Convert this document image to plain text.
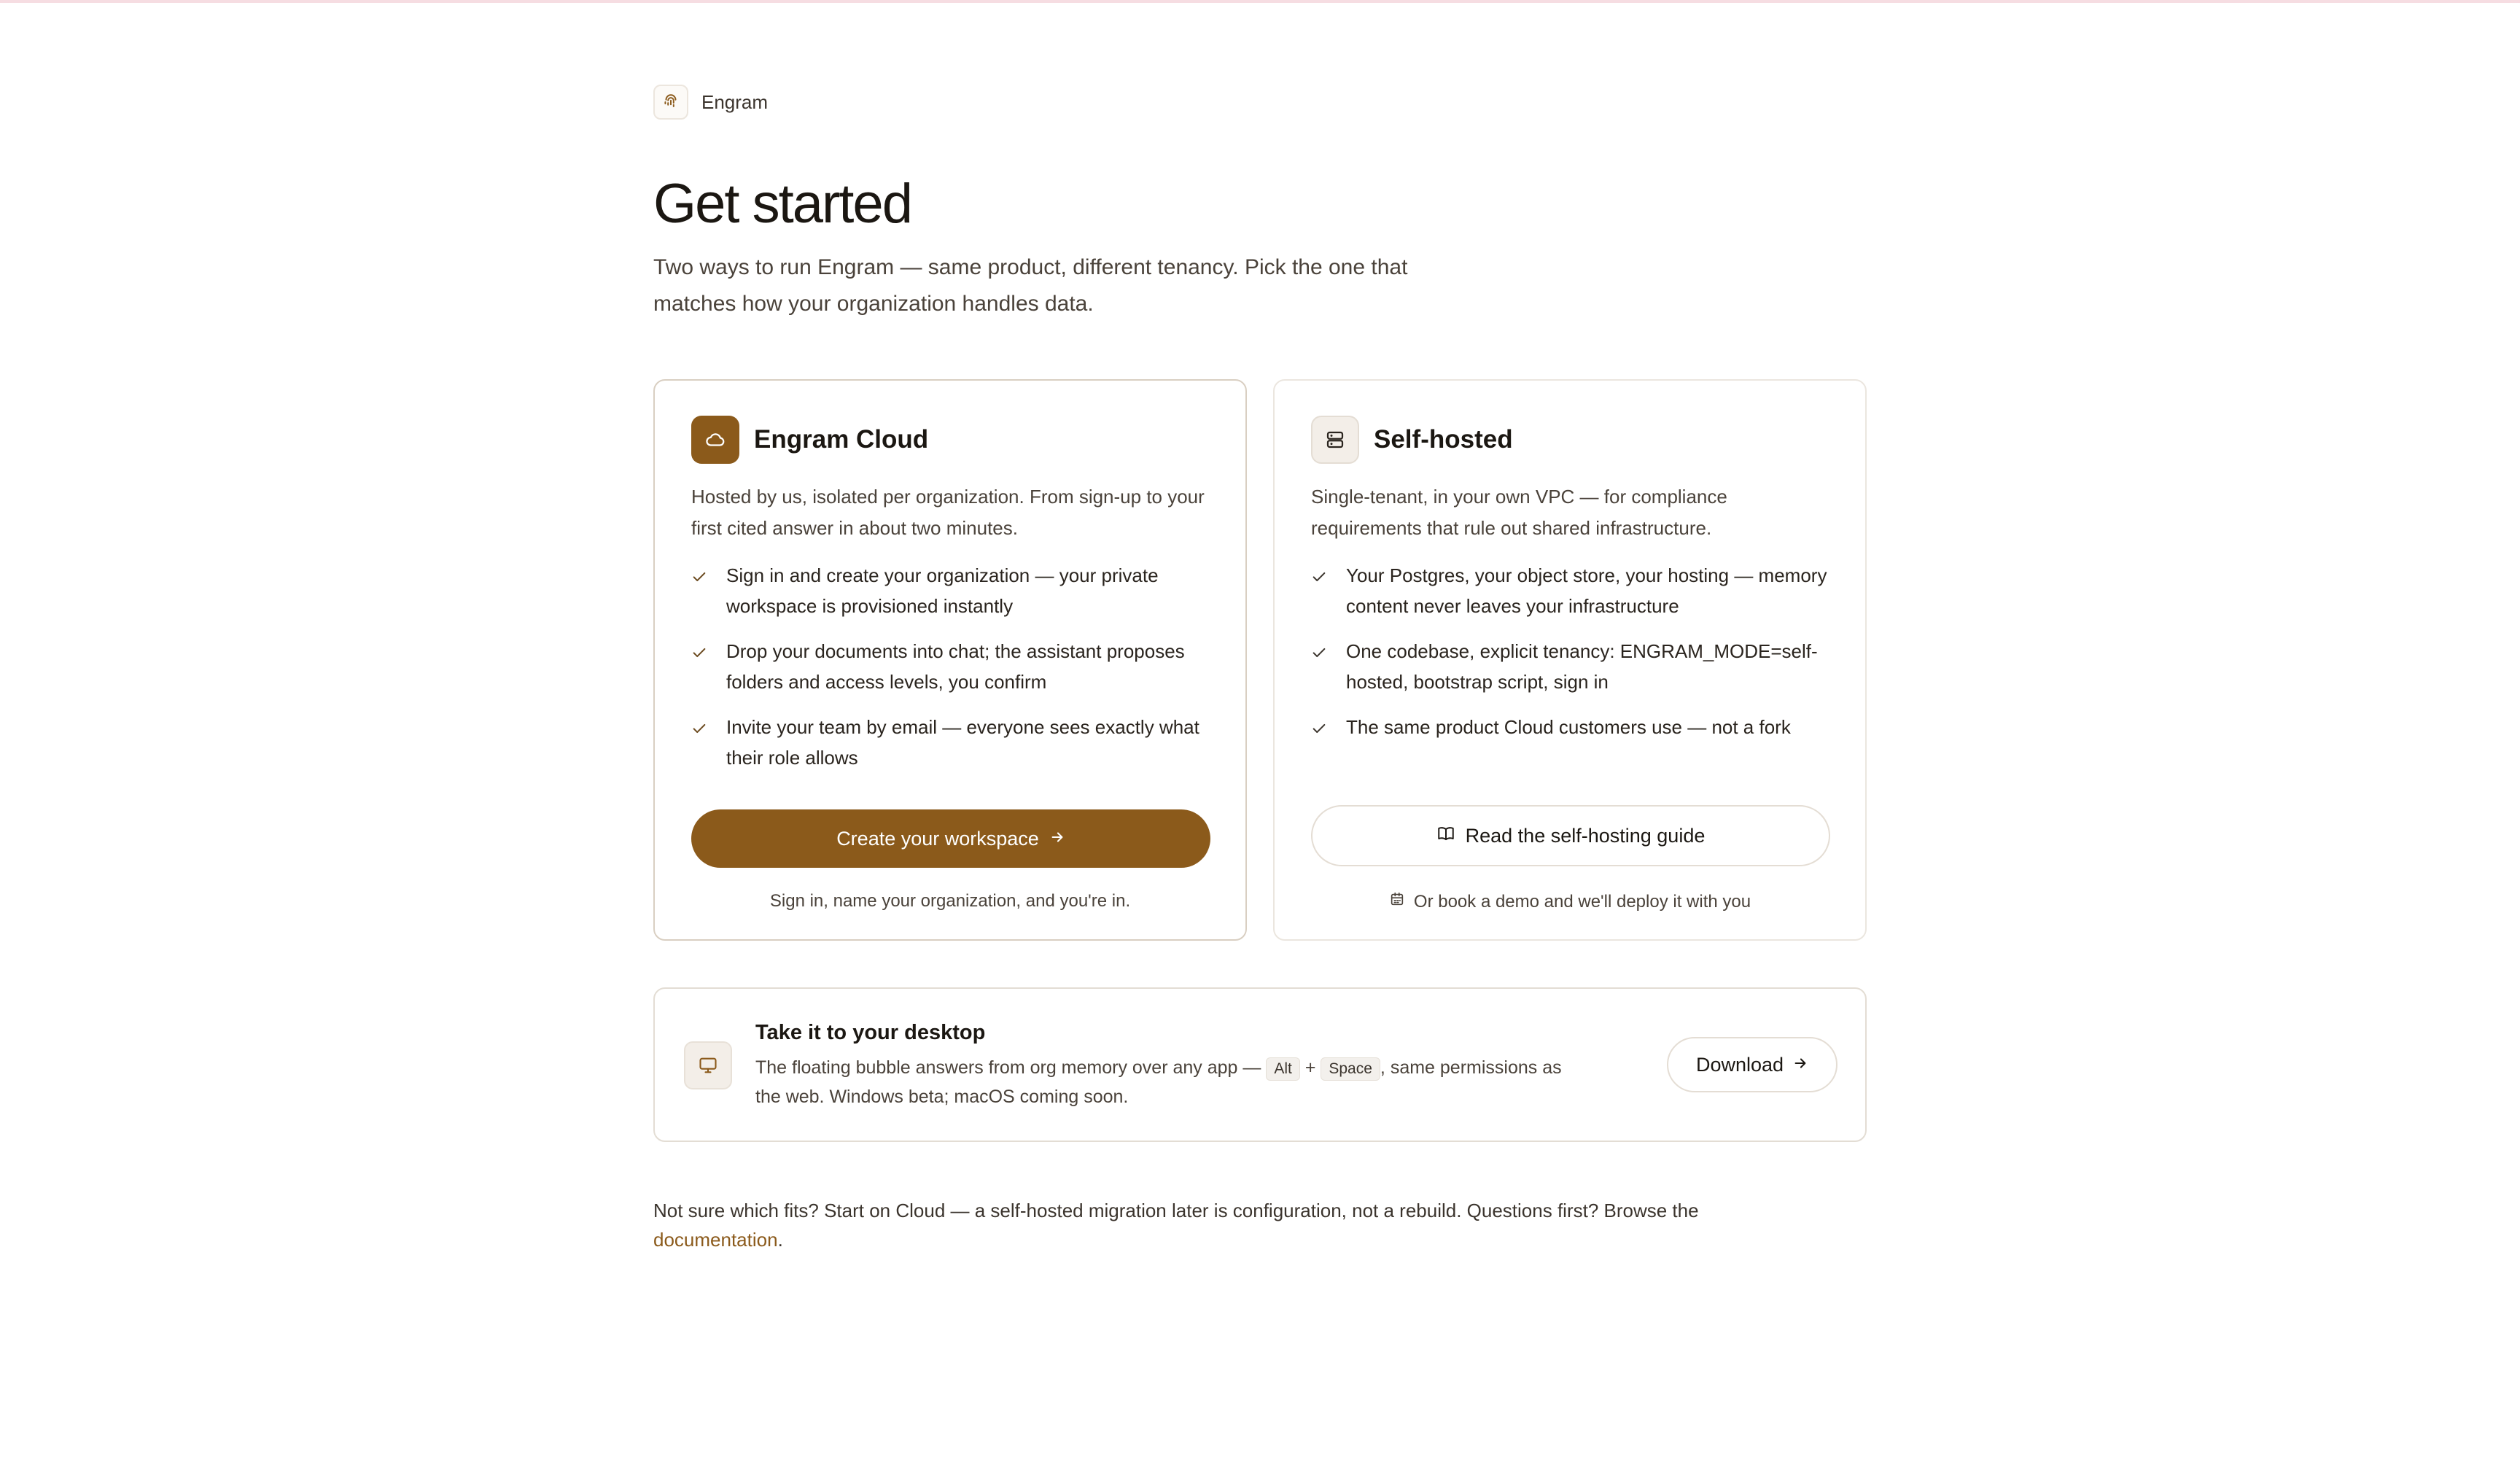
Engram
Get started

Two ways to run Engram — same product, different tenancy. Pick the one that matches how your organization handles data.

Engram Cloud

Hosted by us, isolated per organization. From sign-up to your first cited answer in about two minutes.

Sign in and create your organization — your private workspace is provisioned instantly
Drop your documents into chat; the assistant proposes folders and access levels, you confirm
Invite your team by email — everyone sees exactly what their role allows
Create your workspace

Sign in, name your organization, and you're in.

Self-hosted

Single-tenant, in your own VPC — for compliance requirements that rule out shared infrastructure.

Your Postgres, your object store, your hosting — memory content never leaves your infrastructure
One codebase, explicit tenancy: ENGRAM_MODE=self-hosted, bootstrap script, sign in
The same product Cloud customers use — not a fork
Read the self-hosting guide

Or book a demo and we'll deploy it with you

Take it to your desktop

The floating bubble answers from org memory over any app — Alt + Space , same permissions as the web. Windows beta; macOS coming soon.

Download

Not sure which fits? Start on Cloud — a self-hosted migration later is configuration, not a rebuild. Questions first? Browse the
documentation.
